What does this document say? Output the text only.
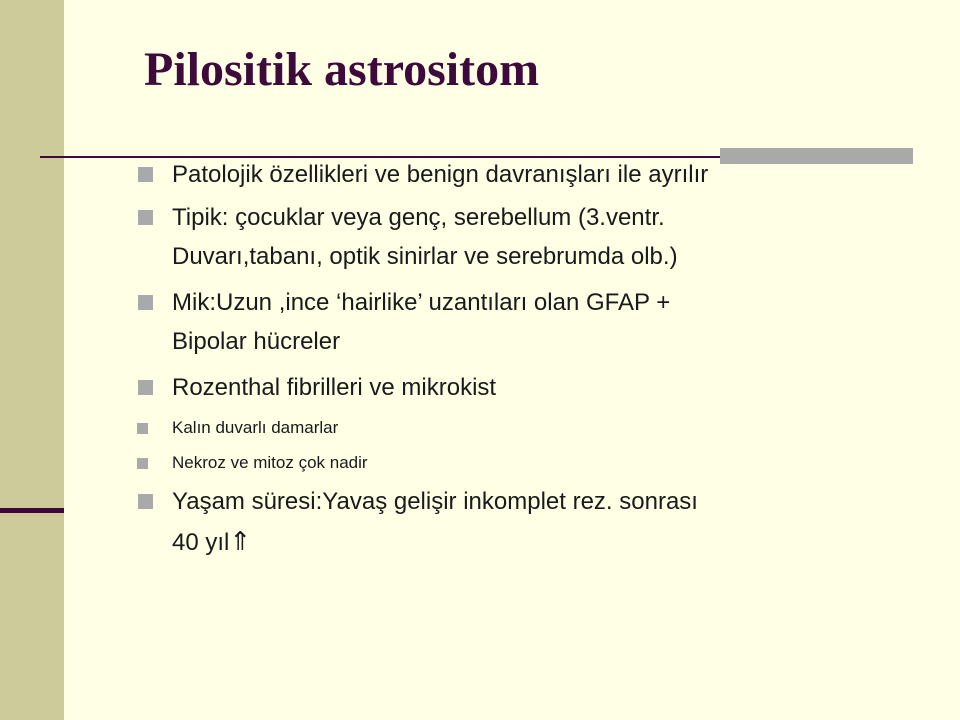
Pilositik astrositom
Patolojik özellikleri ve benign davranışları ile ayrılır
Tipik: çocuklar veya genç, serebellum (3.ventr.
Duvarı,tabanı, optik sinirlar ve serebrumda olb.)
Mik:Uzun ,ince ‘hairlike’ uzantıları olan GFAP +
Bipolar hücreler
Rozenthal fibrilleri ve mikrokist
Kalın duvarlı damarlar
Nekroz ve mitoz çok nadir
Yaşam süresi:Yavaş gelişir inkomplet rez. sonrası
40 yıl⇑
